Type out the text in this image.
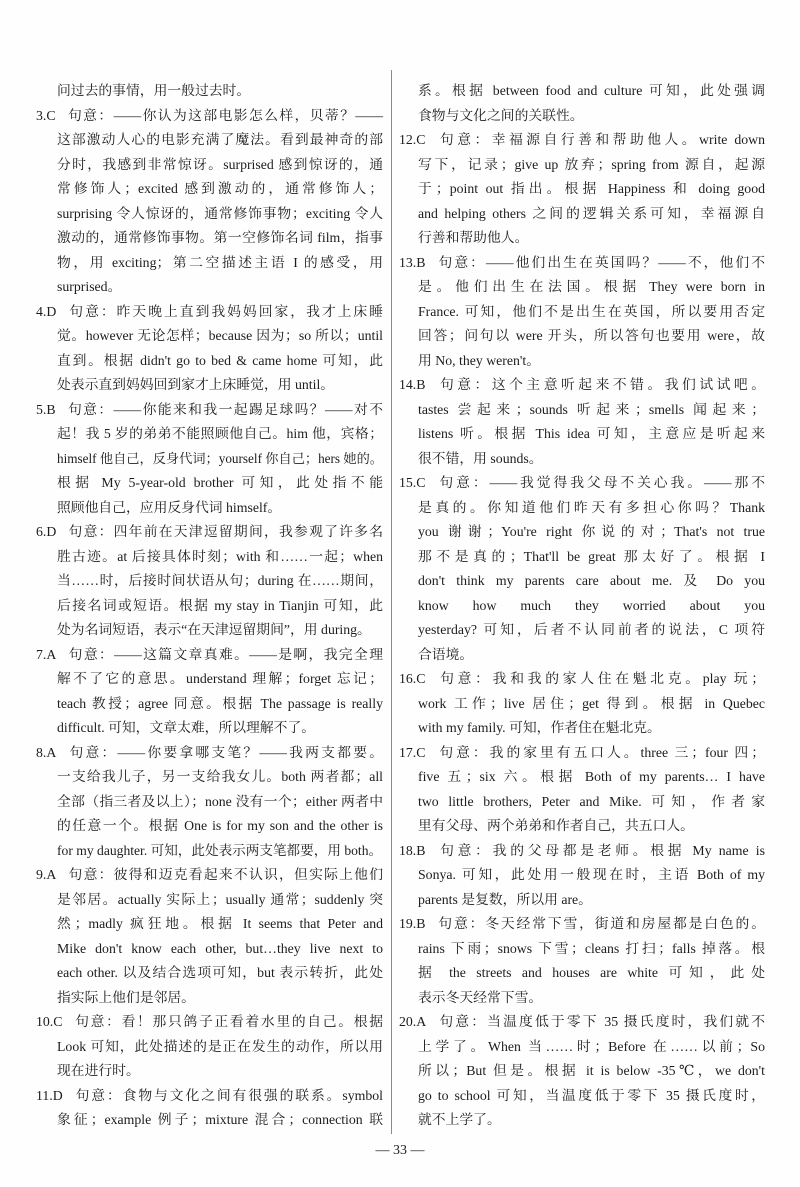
问过去的事情，用一般过去时。
3.C 句意：——你认为这部电影怎么样，贝蒂？——
这部激动人心的电影充满了魔法。看到最神奇的部
分时，我感到非常惊讶。surprised 感到惊讶的，通
常修饰人；excited 感到激动的，通常修饰人；
surprising 令人惊讶的，通常修饰事物；exciting 令人
激动的，通常修饰事物。第一空修饰名词 film，指事
物，用 exciting；第二空描述主语 I 的感受，用
surprised。
4.D 句意：昨天晚上直到我妈妈回家，我才上床睡
觉。however 无论怎样；because 因为；so 所以；until
直到。根据 didn't go to bed & came home 可知，此
处表示直到妈妈回到家才上床睡觉，用 until。
5.B 句意：——你能来和我一起踢足球吗？——对不
起！我 5 岁的弟弟不能照顾他自己。him 他，宾格；
himself 他自己，反身代词；yourself 你自己；hers 她的。
根据 My 5-year-old brother 可知，此处指不能
照顾他自己，应用反身代词 himself。
6.D 句意：四年前在天津逗留期间，我参观了许多名
胜古迹。at 后接具体时刻；with 和……一起；when
当……时，后接时间状语从句；during 在……期间，
后接名词或短语。根据 my stay in Tianjin 可知，此
处为名词短语，表示“在天津逗留期间”，用 during。
7.A 句意：——这篇文章真难。——是啊，我完全理
解不了它的意思。understand 理解；forget 忘记；
teach 教授；agree 同意。根据 The passage is really
difficult. 可知，文章太难，所以理解不了。
8.A 句意：——你要拿哪支笔？——我两支都要。
一支给我儿子，另一支给我女儿。both 两者都；all
全部（指三者及以上）；none 没有一个；either 两者中
的任意一个。根据 One is for my son and the other is
for my daughter. 可知，此处表示两支笔都要，用 both。
9.A 句意：彼得和迈克看起来不认识，但实际上他们
是邻居。actually 实际上；usually 通常；suddenly 突
然；madly 疯狂地。根据 It seems that Peter and
Mike don't know each other, but…they live next to
each other. 以及结合选项可知，but 表示转折，此处
指实际上他们是邻居。
10.C 句意：看！那只鸽子正看着水里的自己。根据
Look 可知，此处描述的是正在发生的动作，所以用
现在进行时。
11.D 句意：食物与文化之间有很强的联系。symbol
象征；example 例子；mixture 混合；connection 联
系。根据 between food and culture 可知，此处强调
食物与文化之间的关联性。
12.C 句意：幸福源自行善和帮助他人。write down
写下，记录；give up 放弃；spring from 源自，起源
于；point out 指出。根据 Happiness 和 doing good
and helping others 之间的逻辑关系可知，幸福源自
行善和帮助他人。
13.B 句意：——他们出生在英国吗？——不，他们不
是。他们出生在法国。根据 They were born in
France. 可知，他们不是出生在英国，所以要用否定
回答；问句以 were 开头，所以答句也要用 were，故
用 No, they weren't。
14.B 句意：这个主意听起来不错。我们试试吧。
tastes 尝起来；sounds 听起来；smells 闻起来；
listens 听。根据 This idea 可知，主意应是听起来
很不错，用 sounds。
15.C 句意：——我觉得我父母不关心我。——那不
是真的。你知道他们昨天有多担心你吗？Thank
you 谢谢；You're right 你说的对；That's not true
那不是真的；That'll be great 那太好了。根据 I
don't think my parents care about me. 及 Do you
know how much they worried about you
yesterday? 可知，后者不认同前者的说法，C 项符
合语境。
16.C 句意：我和我的家人住在魁北克。play 玩；
work 工作；live 居住；get 得到。根据 in Quebec
with my family. 可知，作者住在魁北克。
17.C 句意：我的家里有五口人。three 三；four 四；
five 五；six 六。根据 Both of my parents… I have
two little brothers, Peter and Mike. 可知，作者家
里有父母、两个弟弟和作者自己，共五口人。
18.B 句意：我的父母都是老师。根据 My name is
Sonya. 可知，此处用一般现在时，主语 Both of my
parents 是复数，所以用 are。
19.B 句意：冬天经常下雪，街道和房屋都是白色的。
rains 下雨；snows 下雪；cleans 打扫；falls 掉落。根
据 the streets and houses are white 可知，此处
表示冬天经常下雪。
20.A 句意：当温度低于零下 35 摄氏度时，我们就不
上学了。When 当……时；Before 在……以前；So
所以；But 但是。根据 it is below -35℃，we don't
go to school 可知，当温度低于零下 35 摄氏度时，
就不上学了。
— 33 —
